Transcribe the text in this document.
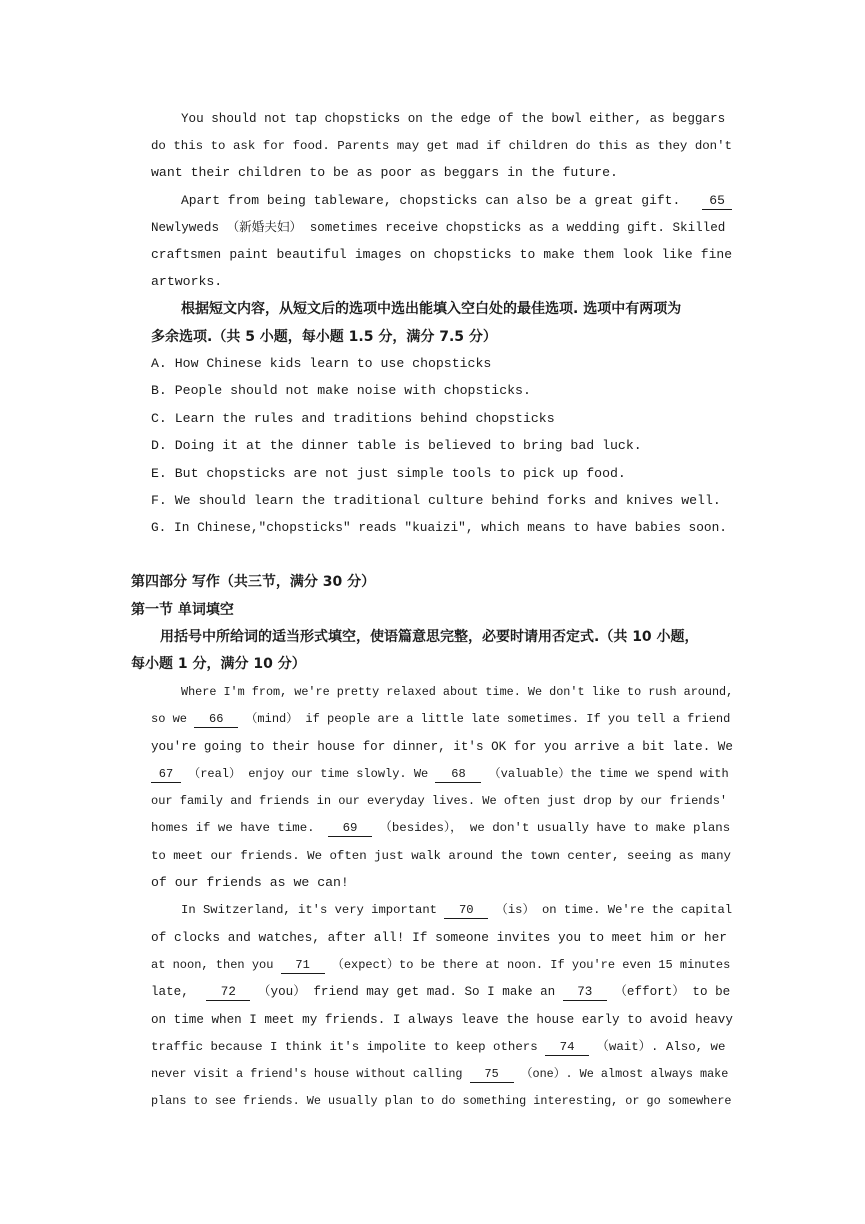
You should not tap chopsticks on the edge of the bowl either, as beggars
do this to ask for food. Parents may get mad if children do this as they don't
want their children to be as poor as beggars in the future.
Apart from being tableware, chopsticks can also be a great gift. 65
Newlyweds （新婚夫妇） sometimes receive chopsticks as a wedding gift. Skilled
craftsmen paint beautiful images on chopsticks to make them look like fine
artworks.
根据短文内容，从短文后的选项中选出能填入空白处的最佳选项. 选项中有两项为
多余选项.（共 5 小题，每小题 1.5 分，满分 7.5 分）
A. How Chinese kids learn to use chopsticks
B. People should not make noise with chopsticks.
C. Learn the rules and traditions behind chopsticks
D. Doing it at the dinner table is believed to bring bad luck.
E. But chopsticks are not just simple tools to pick up food.
F. We should learn the traditional culture behind forks and knives well.
G. In Chinese,"chopsticks" reads "kuaizi", which means to have babies soon.
第四部分 写作（共三节，满分 30 分）
第一节 单词填空
用括号中所给词的适当形式填空，使语篇意思完整，必要时请用否定式.（共 10 小题，
每小题 1 分，满分 10 分）
Where I'm from, we're pretty relaxed about time. We don't like to rush around,
so we 66 （mind） if people are a little late sometimes. If you tell a friend
you're going to their house for dinner, it's OK for you arrive a bit late. We
67 （real） enjoy our time slowly. We 68 （valuable）the time we spend with
our family and friends in our everyday lives. We often just drop by our friends'
homes if we have time. 69 （besides）， we don't usually have to make plans
to meet our friends. We often just walk around the town center, seeing as many
of our friends as we can!
In Switzerland, it's very important 70 （is） on time. We're the capital
of clocks and watches, after all! If someone invites you to meet him or her
at noon, then you 71 （expect）to be there at noon. If you're even 15 minutes
late,	72 （you） friend may get mad. So I make an 73 （effort） to be
on time when I meet my friends. I always leave the house early to avoid heavy
traffic because I think it's impolite to keep others 74 （wait）. Also, we
never visit a friend's house without calling 75 （one）. We almost always make
plans to see friends. We usually plan to do something interesting, or go somewhere
